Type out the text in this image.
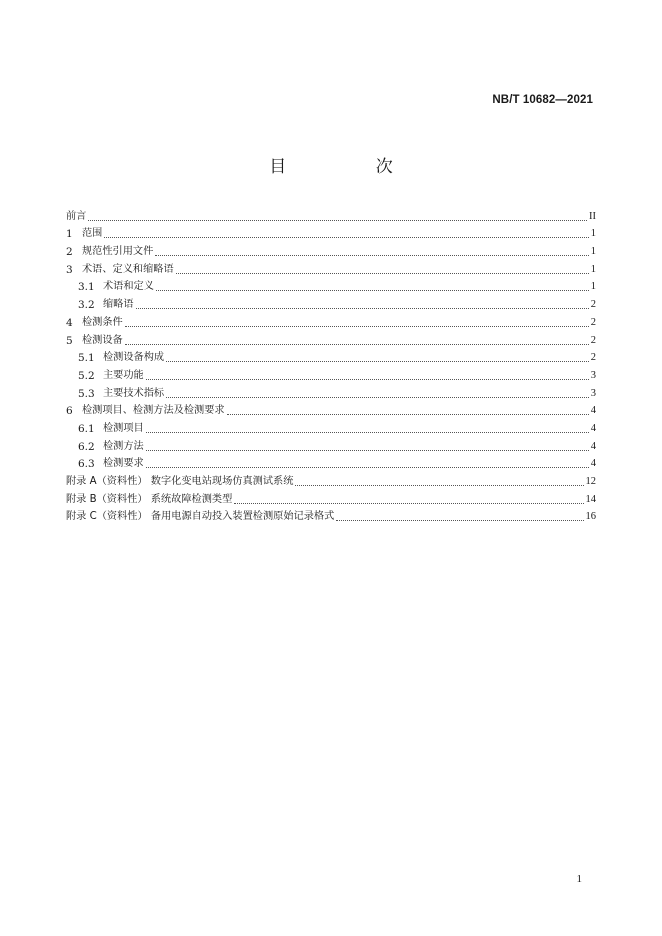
NB/T 10682—2021
目 次
前言	II
1 范围	1
2 规范性引用文件	1
3 术语、定义和缩略语	1
3.1 术语和定义	1
3.2 缩略语	2
4 检测条件	2
5 检测设备	2
5.1 检测设备构成	2
5.2 主要功能	3
5.3 主要技术指标	3
6 检测项目、检测方法及检测要求	4
6.1 检测项目	4
6.2 检测方法	4
6.3 检测要求	4
附录 A（资料性） 数字化变电站现场仿真测试系统	12
附录 B（资料性） 系统故障检测类型	14
附录 C（资料性） 备用电源自动投入装置检测原始记录格式	16
1
